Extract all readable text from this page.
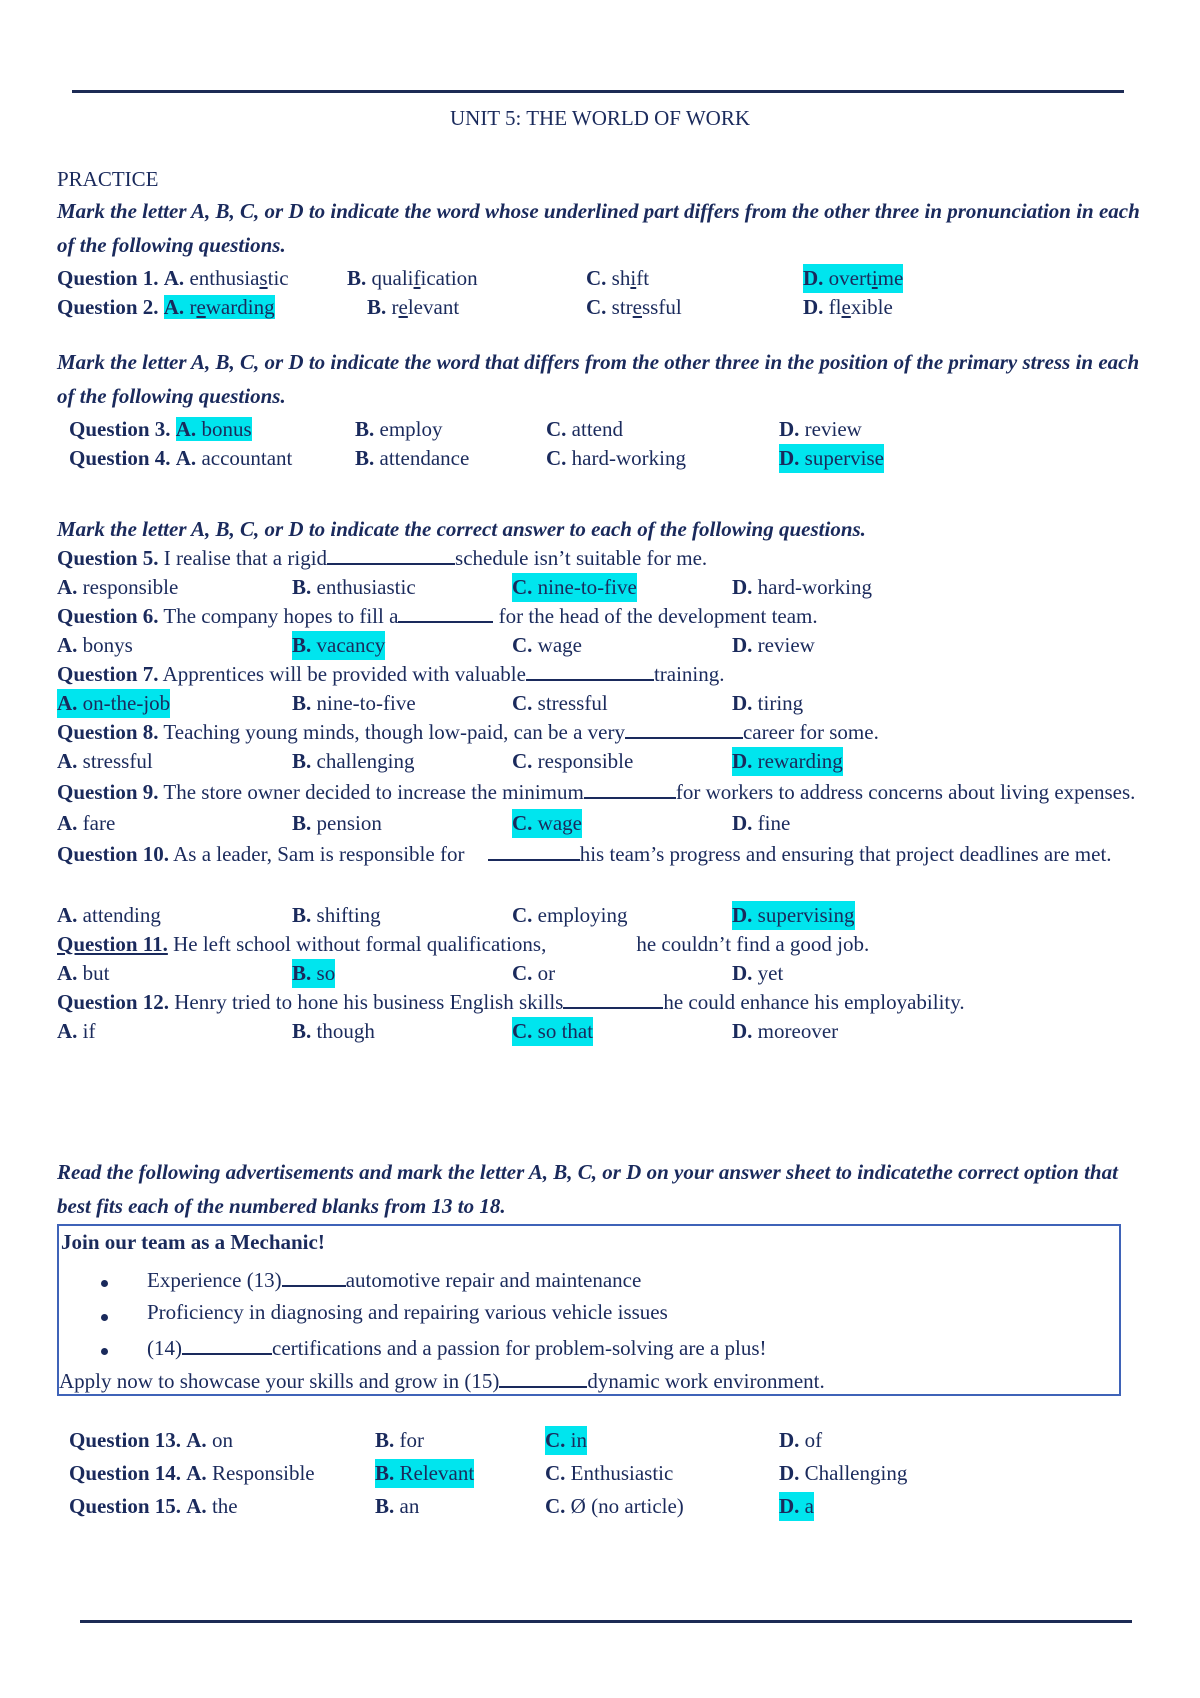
UNIT 5: THE WORLD OF WORK
PRACTICE
Mark the letter A, B, C, or D to indicate the word whose underlined part differs from the other three in pronunciation in each of the following questions.
Question 1. A. enthusiastic	B. qualification	C. shift	D. overtime
Question 2. A. rewarding	B. relevant	C. stressful	D. flexible
Mark the letter A, B, C, or D to indicate the word that differs from the other three in the position of the primary stress in each of the following questions.
Question 3. A. bonus	B. employ	C. attend	D. review
Question 4. A. accountant	B. attendance	C. hard-working	D. supervise
Mark the letter A, B, C, or D to indicate the correct answer to each of the following questions.
Question 5. I realise that a rigid	schedule isn’t suitable for me.
A. responsible	B. enthusiastic	C. nine-to-five	D. hard-working
Question 6. The company hopes to fill a	for the head of the development team.
A. bonys	B. vacancy	C. wage	D. review
Question 7. Apprentices will be provided with valuable	training.
A. on-the-job	B. nine-to-five	C. stressful	D. tiring
Question 8. Teaching young minds, though low-paid, can be a very	career for some.
A. stressful	B. challenging	C. responsible	D. rewarding
Question 9. The store owner decided to increase the minimum	for workers to address concerns about living expenses.
A. fare	B. pension	C. wage	D. fine
Question 10. As a leader, Sam is responsible for	his team’s progress and ensuring that project deadlines are met.
A. attending	B. shifting	C. employing	D. supervising
Question 11. He left school without formal qualifications,	he couldn’t find a good job.
A. but	B. so	C. or	D. yet
Question 12. Henry tried to hone his business English skills	he could enhance his employability.
A. if	B. though	C. so that	D. moreover
Read the following advertisements and mark the letter A, B, C, or D on your answer sheet to indicatethe correct option that best fits each of the numbered blanks from 13 to 18.
Join our team as a Mechanic!
Experience (13)	automotive repair and maintenance
Proficiency in diagnosing and repairing various vehicle issues
(14)	certifications and a passion for problem-solving are a plus!
Apply now to showcase your skills and grow in (15)	dynamic work environment.
Question 13. A. on	B. for	C. in	D. of
Question 14. A. Responsible	B. Relevant	C. Enthusiastic	D. Challenging
Question 15. A. the	B. an	C. Ø (no article)	D. a
